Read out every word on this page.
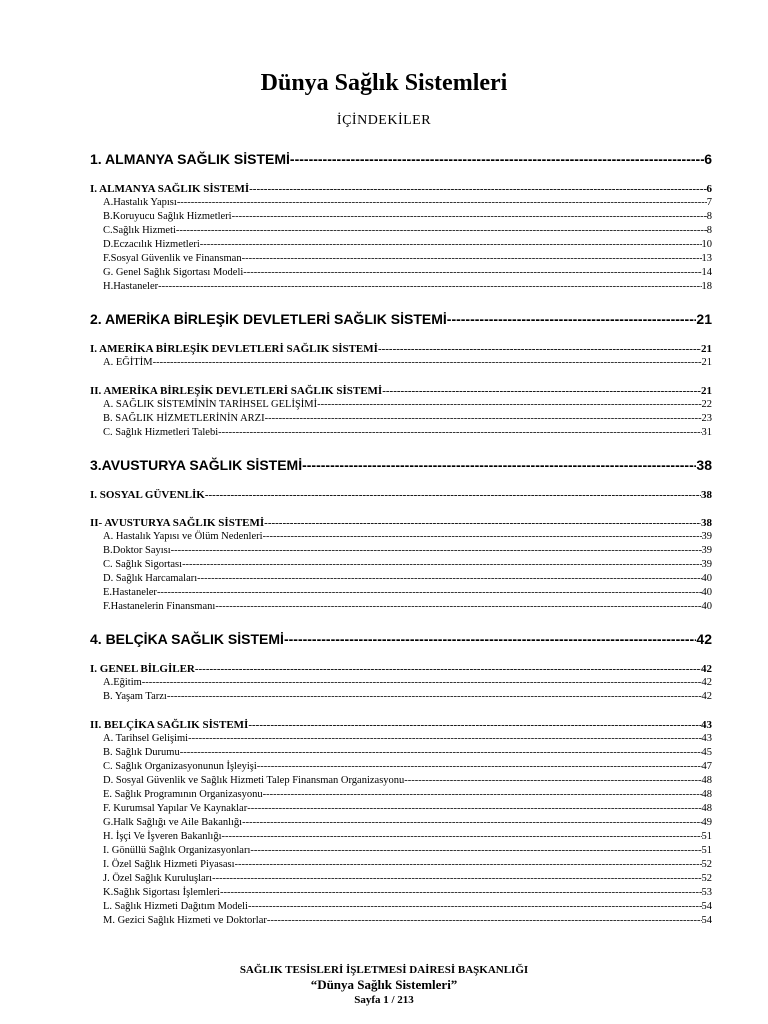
Dünya Sağlık Sistemleri
İÇİNDEKİLER
1. ALMANYA SAĞLIK SİSTEMİ -----	6
I. ALMANYA SAĞLIK SİSTEMİ -----	6
A.Hastalık Yapısı -----	7
B.Koruyucu Sağlık Hizmetleri -----	8
C.Sağlık Hizmeti -----	8
D.Eczacılık Hizmetleri -----	10
F.Sosyal Güvenlik ve Finansman -----	13
G. Genel Sağlık Sigortası Modeli -----	14
H.Hastaneler -----	18
2. AMERİKA BİRLEŞİK DEVLETLERİ SAĞLIK SİSTEMİ -----	21
I. AMERİKA BİRLEŞİK DEVLETLERİ SAĞLIK SİSTEMİ -----	21
A. EĞİTİM -----	21
II. AMERİKA BİRLEŞİK DEVLETLERİ SAĞLIK SİSTEMİ -----	21
A. SAĞLIK SİSTEMİNİN TARİHSEL GELİŞİMİ -----	22
B. SAĞLIK HİZMETLERİNİN ARZI -----	23
C. Sağlık Hizmetleri Talebi -----	31
3.AVUSTURYA SAĞLIK SİSTEMİ -----	38
I. SOSYAL GÜVENLİK -----	38
II- AVUSTURYA SAĞLIK SİSTEMİ -----	38
A. Hastalık Yapısı ve Ölüm Nedenleri -----	39
B.Doktor Sayısı -----	39
C. Sağlık Sigortası -----	39
D. Sağlık Harcamaları -----	40
E.Hastaneler -----	40
F.Hastanelerin Finansmanı -----	40
4. BELÇİKA SAĞLIK SİSTEMİ -----	42
I. GENEL BİLGİLER -----	42
A.Eğitim -----	42
B. Yaşam Tarzı -----	42
II. BELÇİKA SAĞLIK SİSTEMİ -----	43
A. Tarihsel Gelişimi -----	43
B. Sağlık Durumu -----	45
C. Sağlık Organizasyonunun İşleyişi -----	47
D. Sosyal Güvenlik ve Sağlık Hizmeti Talep Finansman Organizasyonu -----	48
E. Sağlık Programının Organizasyonu -----	48
F. Kurumsal Yapılar Ve Kaynaklar -----	48
G.Halk Sağlığı ve Aile Bakanlığı -----	49
H. İşçi Ve İşveren Bakanlığı -----	51
I. Gönüllü Sağlık Organizasyonları -----	51
I. Özel Sağlık Hizmeti Piyasası -----	52
J. Özel Sağlık Kuruluşları -----	52
K.Sağlık Sigortası İşlemleri -----	53
L. Sağlık Hizmeti Dağıtım Modeli -----	54
M. Gezici Sağlık Hizmeti ve Doktorlar -----	54
SAĞLIK TESİSLERİ İŞLETMESİ DAİRESİ BAŞKANLIĞI
“Dünya Sağlık Sistemleri”
Sayfa 1 / 213
